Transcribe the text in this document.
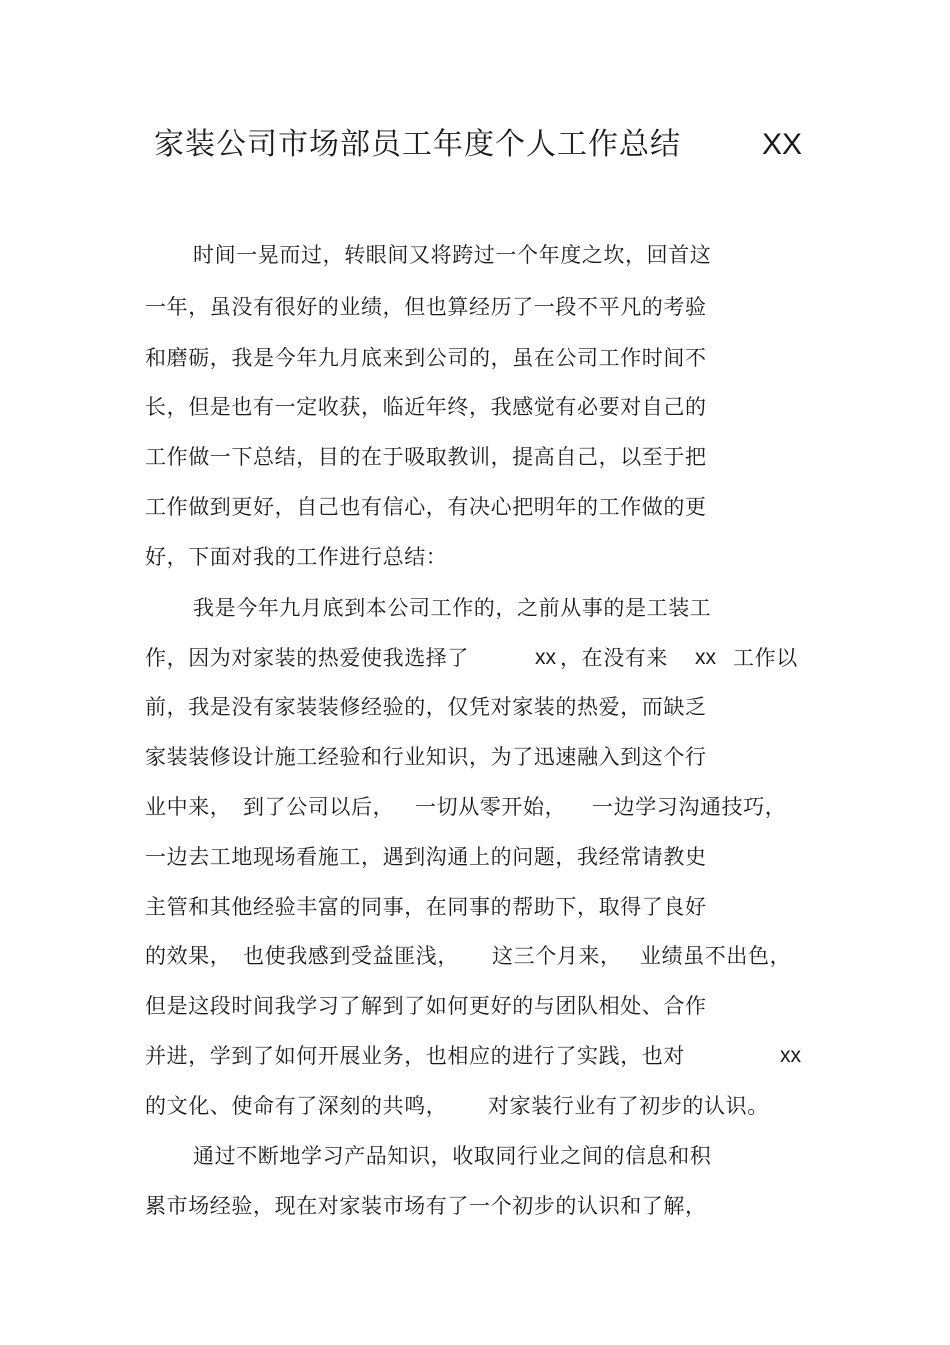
家装公司市场部员工年度个人工作总结	XX
时间一晃而过，转眼间又将跨过一个年度之坎，回首这
一年，虽没有很好的业绩，但也算经历了一段不平凡的考验
和磨砺，我是今年九月底来到公司的，虽在公司工作时间不
长，但是也有一定收获，临近年终，我感觉有必要对自己的
工作做一下总结，目的在于吸取教训，提高自己，以至于把
工作做到更好，自己也有信心，有决心把明年的工作做的更
好，下面对我的工作进行总结：
我是今年九月底到本公司工作的，之前从事的是工装工
作，因为对家装的热爱使我选择了	xx ，在没有来 xx 工作以
前，我是没有家装装修经验的，仅凭对家装的热爱，而缺乏
家装装修设计施工经验和行业知识，为了迅速融入到这个行
业中来， 到了公司以后， 一切从零开始， 一边学习沟通技巧，
一边去工地现场看施工，遇到沟通上的问题，我经常请教史
主管和其他经验丰富的同事，在同事的帮助下，取得了良好
的效果， 也使我感到受益匪浅， 这三个月来， 业绩虽不出色，
但是这段时间我学习了解到了如何更好的与团队相处、合作
并进，学到了如何开展业务，也相应的进行了实践，也对	xx
的文化、使命有了深刻的共鸣， 对家装行业有了初步的认识。
通过不断地学习产品知识，收取同行业之间的信息和积
累市场经验，现在对家装市场有了一个初步的认识和了解，
